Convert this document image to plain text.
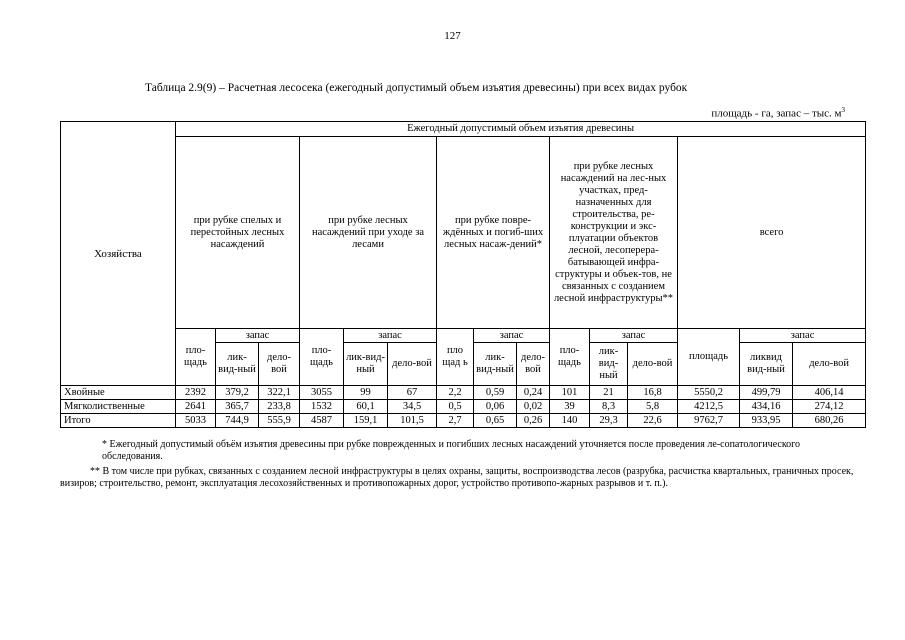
127
Таблица 2.9(9) – Расчетная лесосека (ежегодный допустимый объем изъятия древесины) при всех видах рубок
площадь - га, запас – тыс. $м^3$
Хозяйства	Ежегодный допустимый объем изъятия древесины														
	при рубке спелых и перестойных лесных насаждений			при рубке лесных насаждений при уходе за лесами			при рубке повре-ждённых и погиб-ших лесных насаж-дений*			при рубке лесных насаждений на лес-ных участках, пред-назначенных для строительства, ре-конструкции и экс-плуатации объектов лесной, лесоперера-батывающей инфра-структуры и объек-тов, не связанных с созданием лесной инфраструктуры**			всего		
	пло-щадь	запас		пло-щадь	запас		пло щад ь	запас		пло-щадь	запас		площадь	запас	
		лик-вид-ный	дело-вой		лик-вид-ный	дело-вой		лик-вид-ный	дело-вой		лик-вид-ный	дело-вой		ликвид вид-ный	дело-вой
Хвойные	2392	379,2	322,1	3055	99	67	2,2	0,59	0,24	101	21	16,8	5550,2	499,79	406,14
Мягколиственные	2641	365,7	233,8	1532	60,1	34,5	0,5	0,06	0,02	39	8,3	5,8	4212,5	434,16	274,12
Итого	5033	744,9	555,9	4587	159,1	101,5	2,7	0,65	0,26	140	29,3	22,6	9762,7	933,95	680,26
* Ежегодный допустимый объём изъятия древесины при рубке поврежденных и погибших лесных насаждений уточняется после проведения ле-сопатологического обследования.
** В том числе при рубках, связанных с созданием лесной инфраструктуры в целях охраны, защиты, воспроизводства лесов (разрубка, расчистка квартальных, граничных просек, визиров; строительство, ремонт, эксплуатация лесохозяйственных и противопожарных дорог, устройство противопо-жарных разрывов и т. п.).
